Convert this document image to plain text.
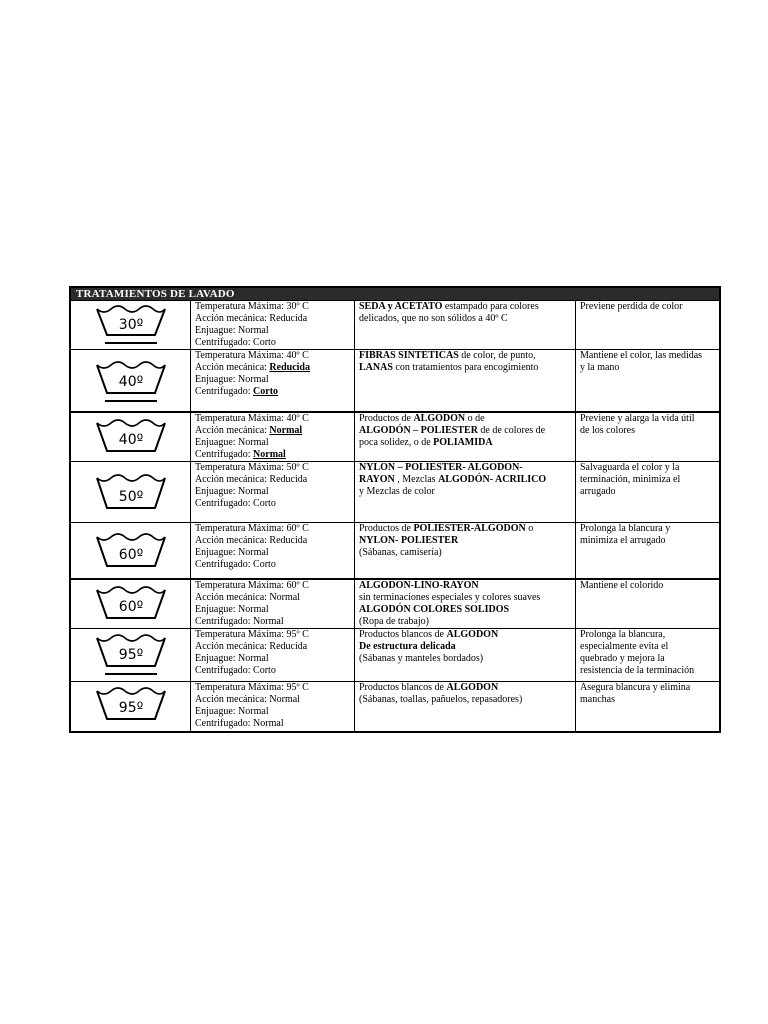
TRATAMIENTOS DE LAVADO
30º
Temperatura Máxima: 30º C
Acción mecánica: Reducida
Enjuague: Normal
Centrifugado: Corto
SEDA y ACETATO estampado para colores
delicados, que no son sólidos a 40º C
Previene perdida de color
40º
Temperatura Máxima: 40º C
Acción mecánica: Reducida
Enjuague: Normal
Centrifugado: Corto
FIBRAS SINTETICAS de color, de punto,
LANAS con tratamientos para encogimiento
Mantiene el color, las medidas
y la mano
40º
Temperatura Máxima: 40º C
Acción mecánica: Normal
Enjuague: Normal
Centrifugado: Normal
Productos de ALGODON o de
ALGODÓN – POLIESTER de de colores de
poca solidez, o de POLIAMIDA
Previene y alarga la vida útil
de los colores
50º
Temperatura Máxima: 50º C
Acción mecánica: Reducida
Enjuague: Normal
Centrifugado: Corto
NYLON – POLIESTER- ALGODON-
RAYON , Mezclas ALGODÓN- ACRILICO
y Mezclas de color
Salvaguarda el color y la
terminación, minimiza el
arrugado
60º
Temperatura Máxima: 60º C
Acción mecánica: Reducida
Enjuague: Normal
Centrifugado: Corto
Productos de POLIESTER-ALGODON o
NYLON- POLIESTER
(Sábanas, camisería)
Prolonga la blancura y
minimiza el arrugado
60º
Temperatura Máxima: 60º C
Acción mecánica: Normal
Enjuague: Normal
Centrifugado: Normal
ALGODON-LINO-RAYON
sin terminaciones especiales y colores suaves
ALGODÓN COLORES SOLIDOS
(Ropa de trabajo)
Mantiene el colorido
95º
Temperatura Máxima: 95º C
Acción mecánica: Reducida
Enjuague: Normal
Centrifugado: Corto
Productos blancos de ALGODON
De estructura delicada
(Sábanas y manteles bordados)
Prolonga la blancura,
especialmente evita el
quebrado y mejora la
resistencia de la terminación
95º
Temperatura Máxima: 95º C
Acción mecánica: Normal
Enjuague: Normal
Centrifugado: Normal
Productos blancos de ALGODON
(Sábanas, toallas, pañuelos, repasadores)
Asegura blancura y elimina
manchas
